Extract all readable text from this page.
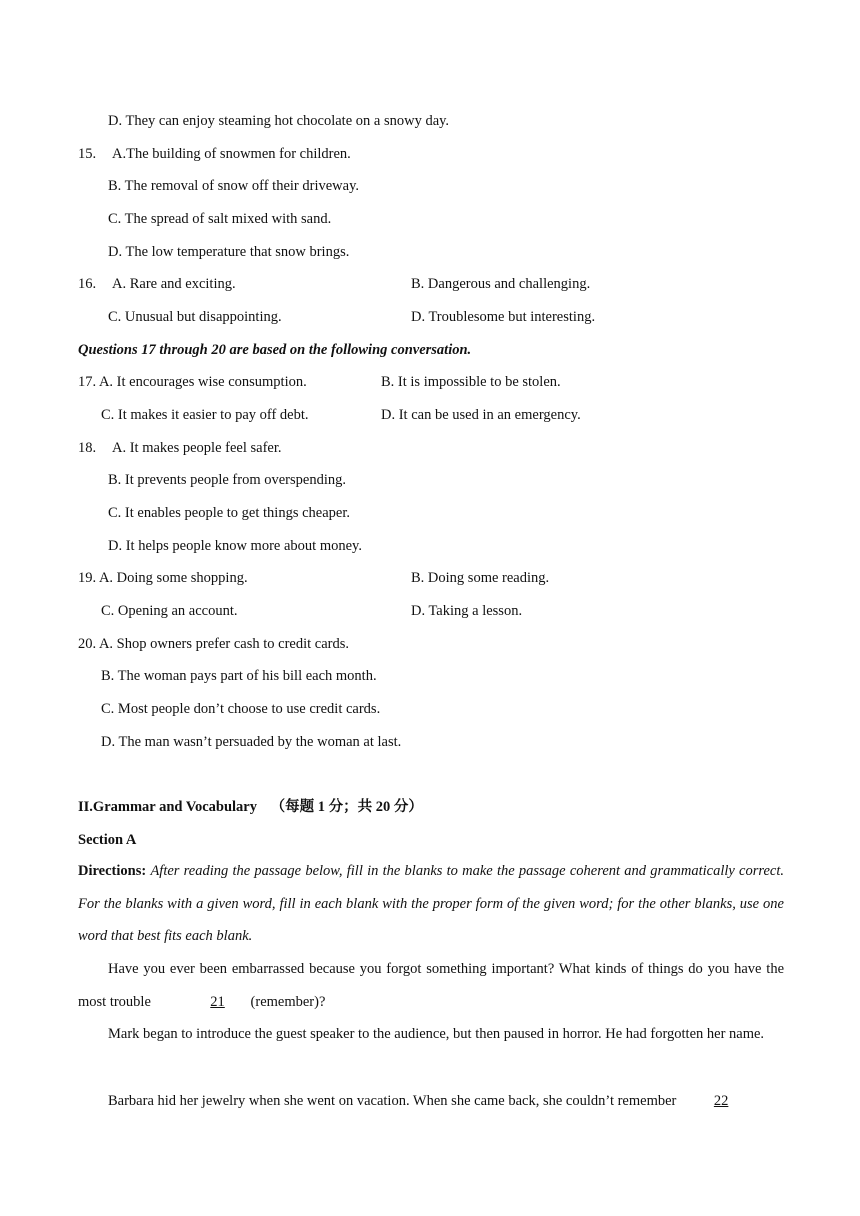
D. They can enjoy steaming hot chocolate on a snowy day.
15. A.The building of snowmen for children.
B. The removal of snow off their driveway.
C. The spread of salt mixed with sand.
D. The low temperature that snow brings.
16. A. Rare and exciting.	B. Dangerous and challenging.
C. Unusual but disappointing.	D. Troublesome but interesting.
Questions 17 through 20 are based on the following conversation.
17. A. It encourages wise consumption.	B. It is impossible to be stolen.
C. It makes it easier to pay off debt.	D. It can be used in an emergency.
18. A. It makes people feel safer.
B. It prevents people from overspending.
C. It enables people to get things cheaper.
D. It helps people know more about money.
19. A. Doing some shopping.	B. Doing some reading.
C. Opening an account.	D. Taking a lesson.
20. A. Shop owners prefer cash to credit cards.
B. The woman pays part of his bill each month.
C. Most people don’t choose to use credit cards.
D. The man wasn’t persuaded by the woman at last.
II.Grammar and Vocabulary （每题 1 分；共 20 分）
Section A
Directions: After reading the passage below, fill in the blanks to make the passage coherent and grammatically correct. For the blanks with a given word, fill in each blank with the proper form of the given word; for the other blanks, use one word that best fits each blank.
Have you ever been embarrassed because you forgot something important? What kinds of things do you have the most trouble	21 (remember)?
Mark began to introduce the guest speaker to the audience, but then paused in horror. He had forgotten her name.
Barbara hid her jewelry when she went on vacation. When she came back, she couldn’t remember	22
